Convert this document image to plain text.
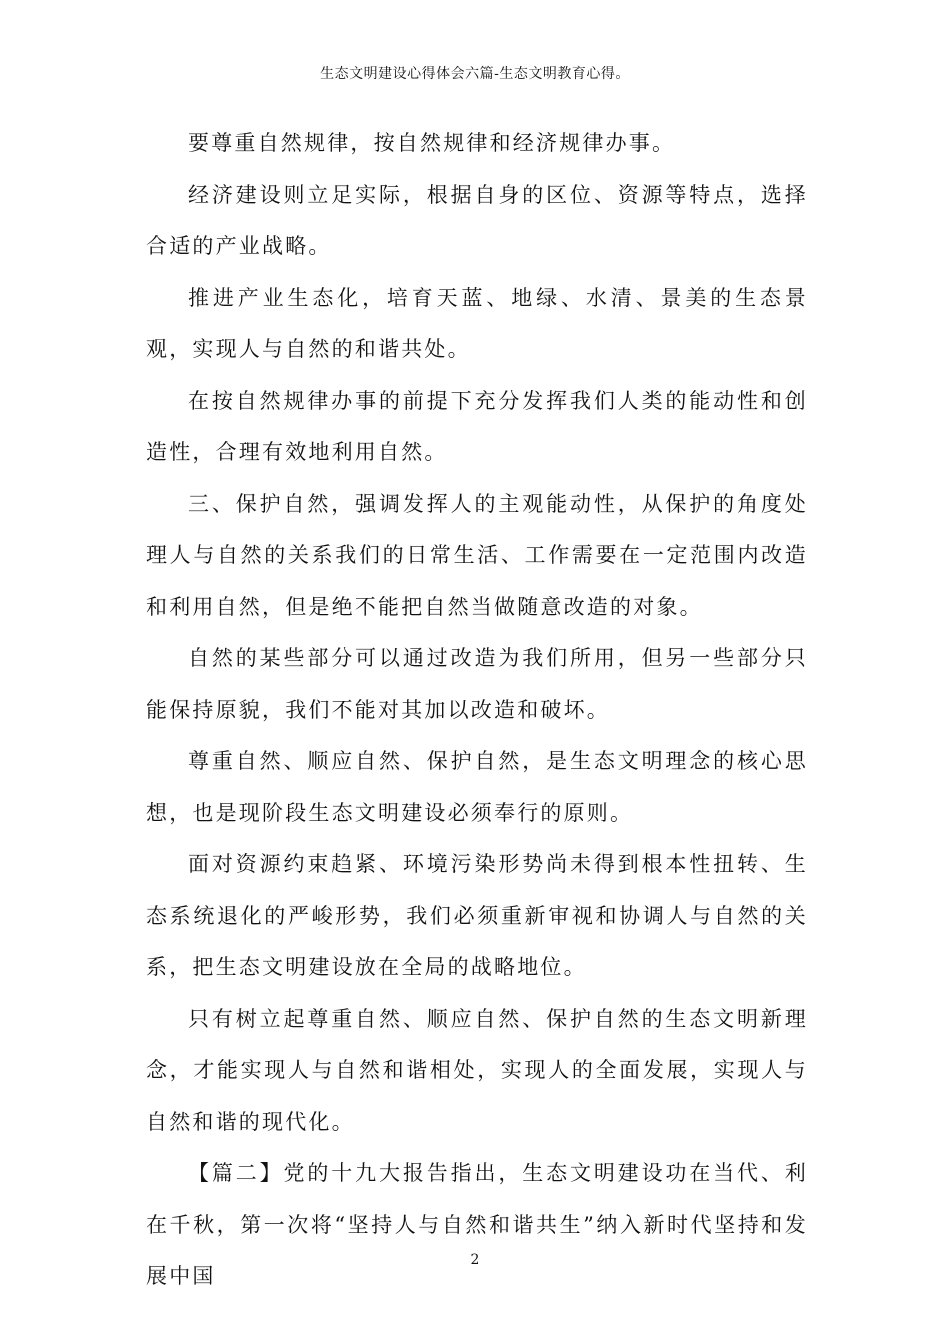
生态文明建设心得体会六篇-生态文明教育心得。

要尊重自然规律，按自然规律和经济规律办事。

经济建设则立足实际，根据自身的区位、资源等特点，选择合适的产业战略。

推进产业生态化，培育天蓝、地绿、水清、景美的生态景观，实现人与自然的和谐共处。

在按自然规律办事的前提下充分发挥我们人类的能动性和创造性，合理有效地利用自然。

三、保护自然，强调发挥人的主观能动性，从保护的角度处理人与自然的关系我们的日常生活、工作需要在一定范围内改造和利用自然，但是绝不能把自然当做随意改造的对象。

自然的某些部分可以通过改造为我们所用，但另一些部分只能保持原貌，我们不能对其加以改造和破坏。

尊重自然、顺应自然、保护自然，是生态文明理念的核心思想，也是现阶段生态文明建设必须奉行的原则。

面对资源约束趋紧、环境污染形势尚未得到根本性扭转、生态系统退化的严峻形势，我们必须重新审视和协调人与自然的关系，把生态文明建设放在全局的战略地位。

只有树立起尊重自然、顺应自然、保护自然的生态文明新理念，才能实现人与自然和谐相处，实现人的全面发展，实现人与自然和谐的现代化。

【篇二】党的十九大报告指出，生态文明建设功在当代、利在千秋，第一次将“坚持人与自然和谐共生”纳入新时代坚持和发展中国

2
